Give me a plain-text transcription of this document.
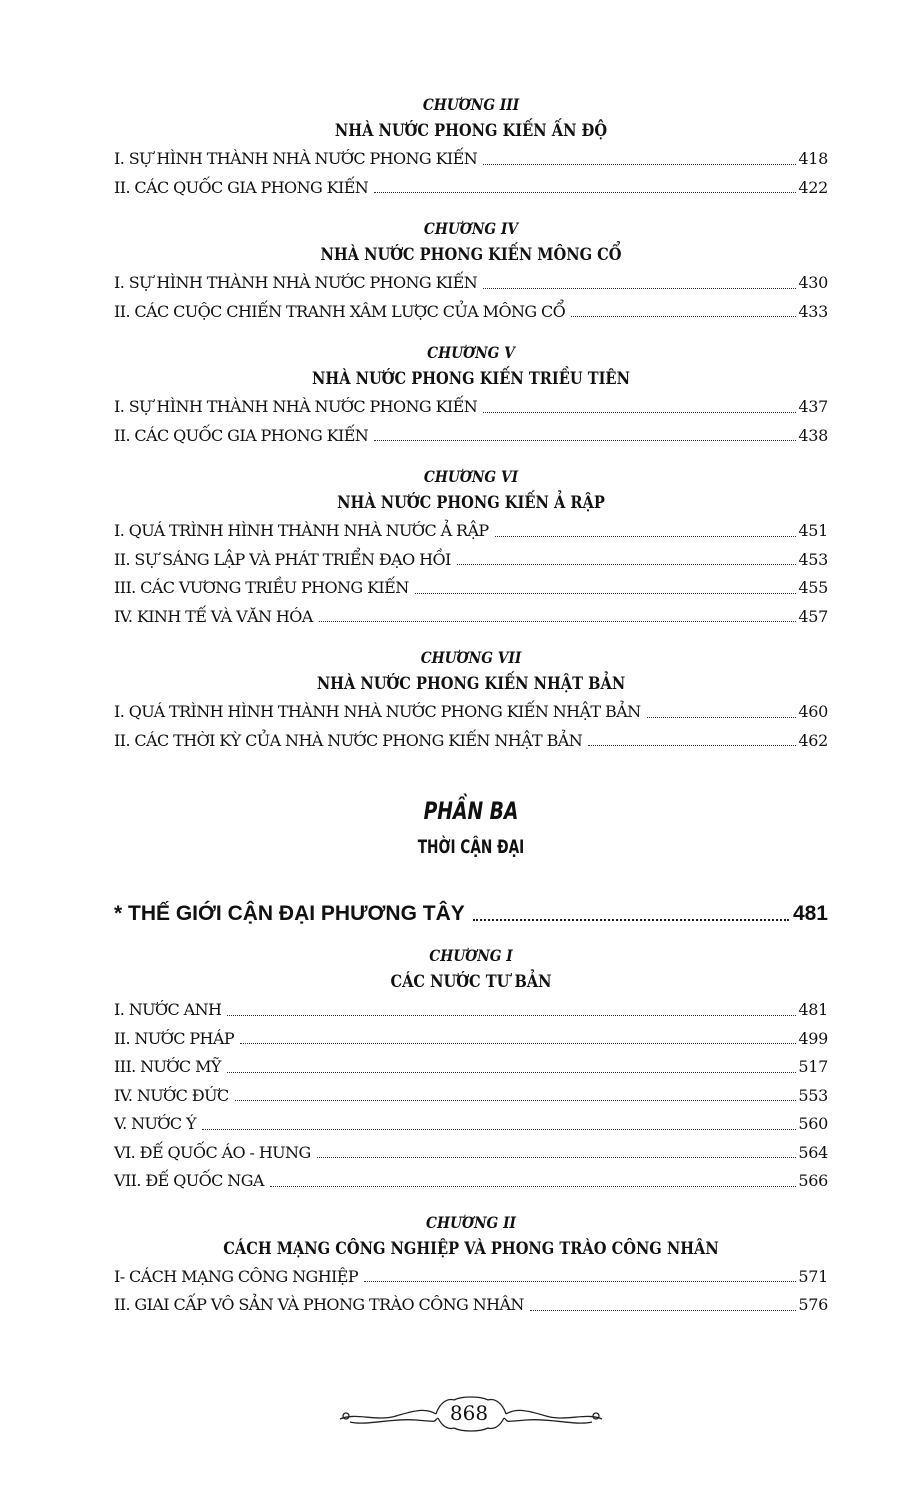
CHƯƠNG III
NHÀ NƯỚC PHONG KIẾN ẤN ĐỘ
I. SỰ HÌNH THÀNH NHÀ NƯỚC PHONG KIẾN	418
II. CÁC QUỐC GIA PHONG KIẾN	422
CHƯƠNG IV
NHÀ NƯỚC PHONG KIẾN MÔNG CỔ
I. SỰ HÌNH THÀNH NHÀ NƯỚC PHONG KIẾN	430
II. CÁC CUỘC CHIẾN TRANH XÂM LƯỢC CỦA MÔNG CỔ	433
CHƯƠNG V
NHÀ NƯỚC PHONG KIẾN TRIỀU TIÊN
I. SỰ HÌNH THÀNH NHÀ NƯỚC PHONG KIẾN	437
II. CÁC QUỐC GIA PHONG KIẾN	438
CHƯƠNG VI
NHÀ NƯỚC PHONG KIẾN Ả RẬP
I. QUÁ TRÌNH HÌNH THÀNH NHÀ NƯỚC Ả RẬP	451
II. SỰ SÁNG LẬP VÀ PHÁT TRIỂN ĐẠO HỒI	453
III. CÁC VƯƠNG TRIỀU PHONG KIẾN	455
IV. KINH TẾ VÀ VĂN HÓA	457
CHƯƠNG VII
NHÀ NƯỚC PHONG KIẾN NHẬT BẢN
I. QUÁ TRÌNH HÌNH THÀNH NHÀ NƯỚC PHONG KIẾN NHẬT BẢN	460
II. CÁC THỜI KỲ CỦA NHÀ NƯỚC PHONG KIẾN NHẬT BẢN	462
PHẦN BA
THỜI CẬN ĐẠI
* THẾ GIỚI CẬN ĐẠI PHƯƠNG TÂY	481
CHƯƠNG I
CÁC NƯỚC TƯ BẢN
I. NƯỚC ANH	481
II. NƯỚC PHÁP	499
III. NƯỚC MỸ	517
IV. NƯỚC ĐỨC	553
V. NƯỚC Ý	560
VI. ĐẾ QUỐC ÁO - HUNG	564
VII. ĐẾ QUỐC NGA	566
CHƯƠNG II
CÁCH MẠNG CÔNG NGHIỆP VÀ PHONG TRÀO CÔNG NHÂN
I- CÁCH MẠNG CÔNG NGHIỆP	571
II. GIAI CẤP VÔ SẢN VÀ PHONG TRÀO CÔNG NHÂN	576
868
